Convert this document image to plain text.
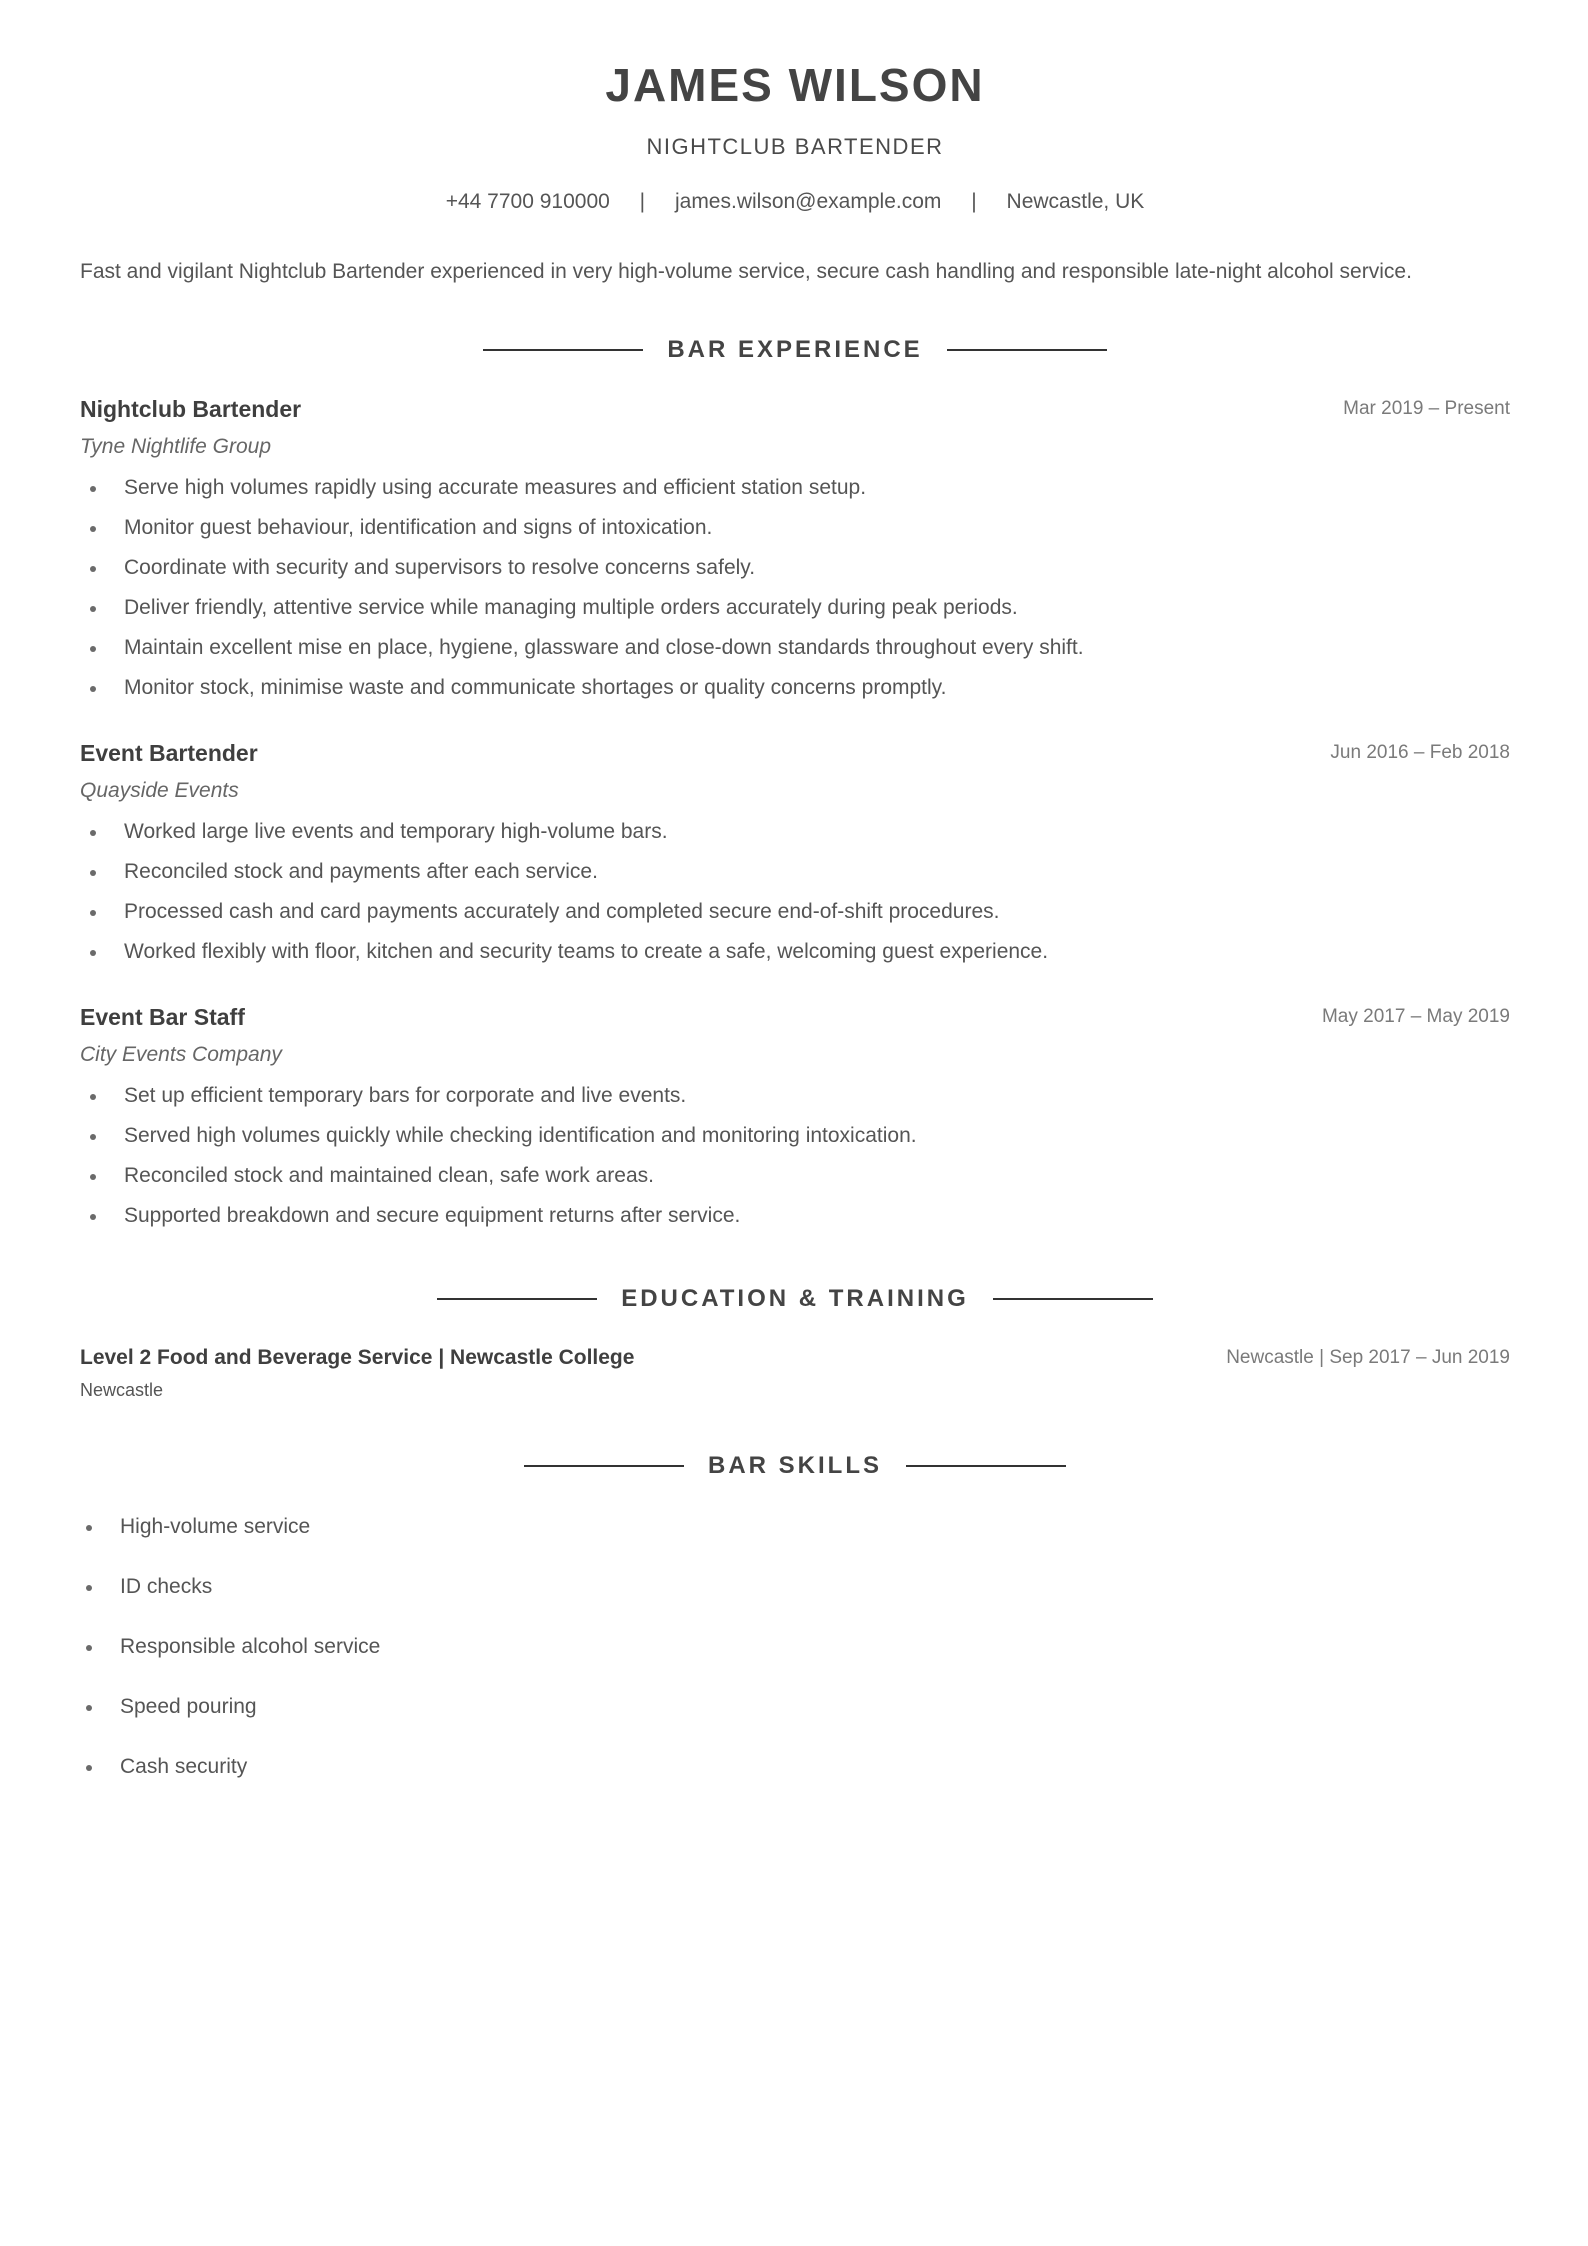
JAMES WILSON
NIGHTCLUB BARTENDER
+44 7700 910000 | james.wilson@example.com | Newcastle, UK
Fast and vigilant Nightclub Bartender experienced in very high-volume service, secure cash handling and responsible late-night alcohol service.
BAR EXPERIENCE
Nightclub Bartender	Mar 2019 – Present
Tyne Nightlife Group
Serve high volumes rapidly using accurate measures and efficient station setup.
Monitor guest behaviour, identification and signs of intoxication.
Coordinate with security and supervisors to resolve concerns safely.
Deliver friendly, attentive service while managing multiple orders accurately during peak periods.
Maintain excellent mise en place, hygiene, glassware and close-down standards throughout every shift.
Monitor stock, minimise waste and communicate shortages or quality concerns promptly.
Event Bartender	Jun 2016 – Feb 2018
Quayside Events
Worked large live events and temporary high-volume bars.
Reconciled stock and payments after each service.
Processed cash and card payments accurately and completed secure end-of-shift procedures.
Worked flexibly with floor, kitchen and security teams to create a safe, welcoming guest experience.
Event Bar Staff	May 2017 – May 2019
City Events Company
Set up efficient temporary bars for corporate and live events.
Served high volumes quickly while checking identification and monitoring intoxication.
Reconciled stock and maintained clean, safe work areas.
Supported breakdown and secure equipment returns after service.
EDUCATION & TRAINING
Level 2 Food and Beverage Service | Newcastle College	Newcastle | Sep 2017 – Jun 2019
Newcastle
BAR SKILLS
High-volume service
ID checks
Responsible alcohol service
Speed pouring
Cash security
